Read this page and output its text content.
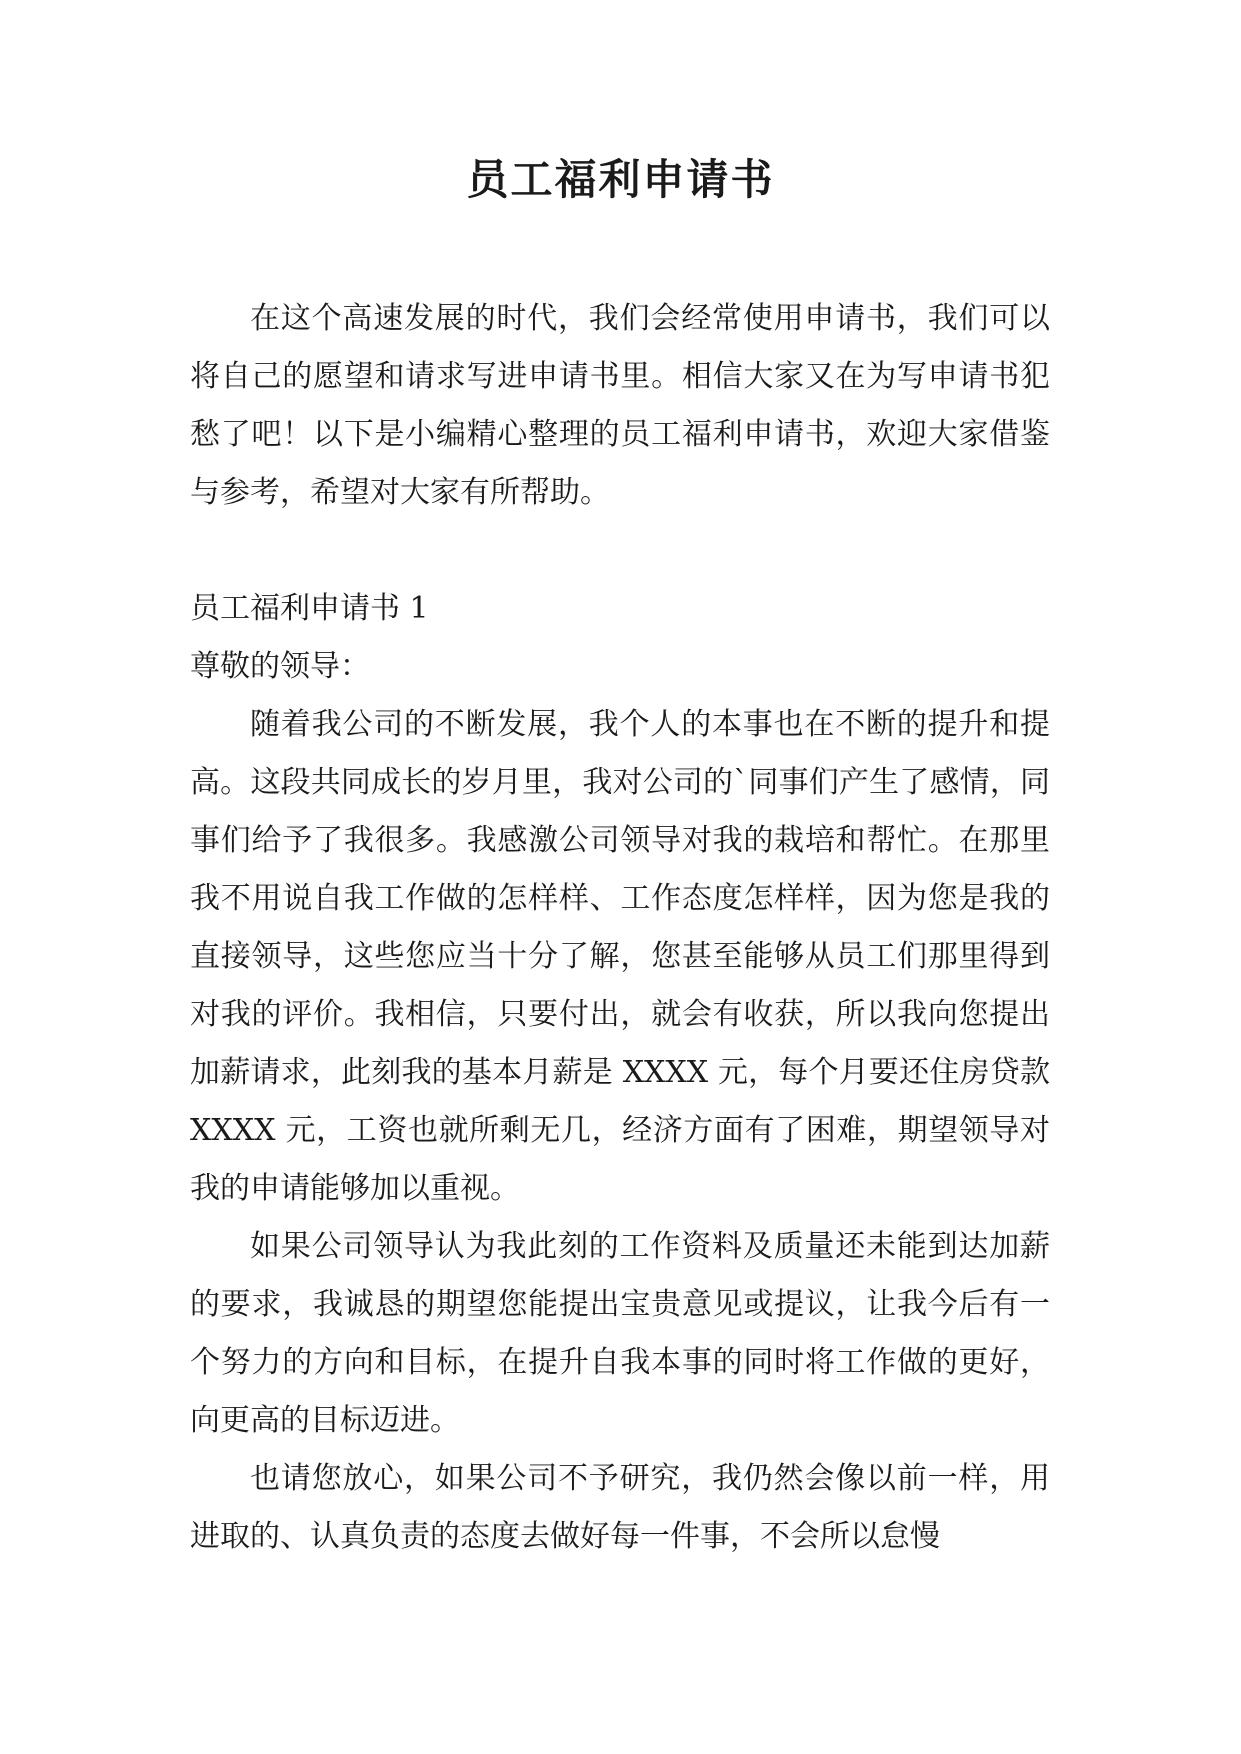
员工福利申请书

在这个高速发展的时代，我们会经常使用申请书，我们可以将自己的愿望和请求写进申请书里。相信大家又在为写申请书犯愁了吧！以下是小编精心整理的员工福利申请书，欢迎大家借鉴与参考，希望对大家有所帮助。

员工福利申请书 1

尊敬的领导：

随着我公司的不断发展，我个人的本事也在不断的提升和提高。这段共同成长的岁月里，我对公司的`同事们产生了感情，同事们给予了我很多。我感激公司领导对我的栽培和帮忙。在那里我不用说自我工作做的怎样样、工作态度怎样样，因为您是我的直接领导，这些您应当十分了解，您甚至能够从员工们那里得到对我的评价。我相信，只要付出，就会有收获，所以我向您提出加薪请求，此刻我的基本月薪是 XXXX 元，每个月要还住房贷款 XXXX 元，工资也就所剩无几，经济方面有了困难，期望领导对我的申请能够加以重视。

如果公司领导认为我此刻的工作资料及质量还未能到达加薪的要求，我诚恳的期望您能提出宝贵意见或提议，让我今后有一个努力的方向和目标，在提升自我本事的同时将工作做的更好，向更高的目标迈进。

也请您放心，如果公司不予研究，我仍然会像以前一样，用进取的、认真负责的态度去做好每一件事，不会所以怠慢
